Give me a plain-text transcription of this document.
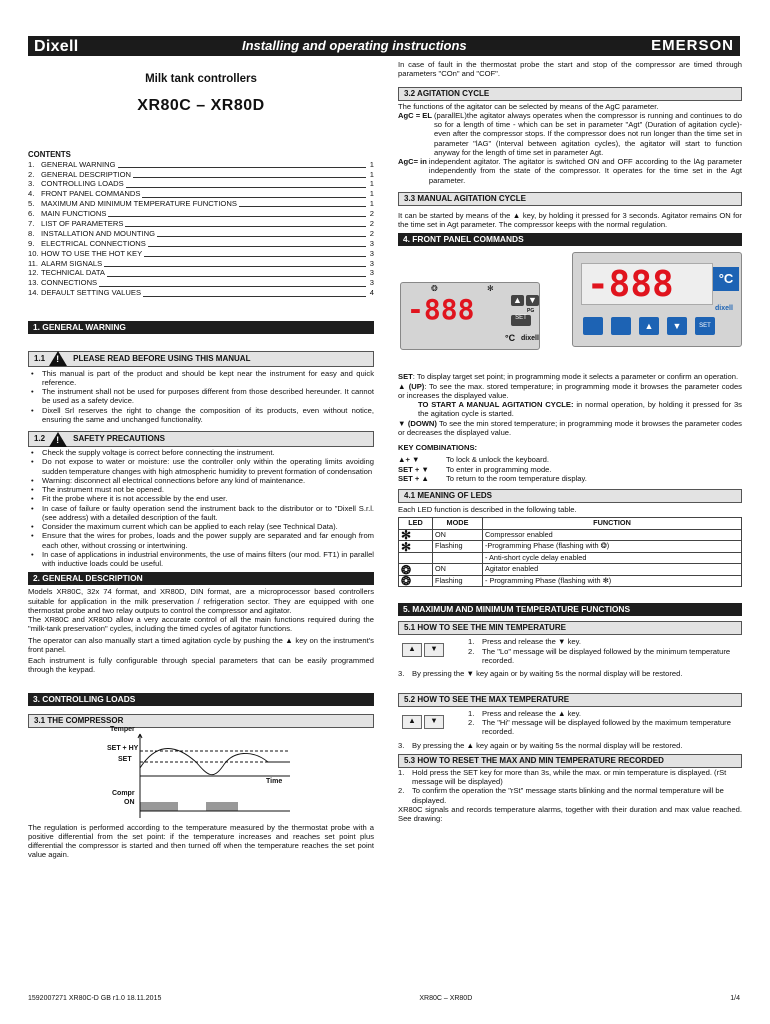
Dixell	Installing and operating instructions	EMERSON
Milk tank controllers
XR80C – XR80D
CONTENTS
1. GENERAL WARNING	1
2. GENERAL DESCRIPTION	1
3. CONTROLLING LOADS	1
4. FRONT PANEL COMMANDS	1
5. MAXIMUM AND MINIMUM TEMPERATURE FUNCTIONS	1
6. MAIN FUNCTIONS	2
7. LIST OF PARAMETERS	2
8. INSTALLATION AND MOUNTING	2
9. ELECTRICAL CONNECTIONS	3
10. HOW TO USE THE HOT KEY	3
11. ALARM SIGNALS	3
12. TECHNICAL DATA	3
13. CONNECTIONS	3
14. DEFAULT SETTING VALUES	4
1. GENERAL WARNING
1.1 !	PLEASE READ BEFORE USING THIS MANUAL
• This manual is part of the product and should be kept near the instrument for easy and quick reference.
• The instrument shall not be used for purposes different from those described hereunder. It cannot be used as a safety device.
• Dixell Srl reserves the right to change the composition of its products, even without notice, ensuring the same and unchanged functionality.
1.2 !	SAFETY PRECAUTIONS
• Check the supply voltage is correct before connecting the instrument.
• Do not expose to water or moisture: use the controller only within the operating limits avoiding sudden temperature changes with high atmospheric humidity to prevent formation of condensation
• Warning: disconnect all electrical connections before any kind of maintenance.
• The instrument must not be opened.
• Fit the probe where it is not accessible by the end user.
• In case of failure or faulty operation send the instrument back to the distributor or to "Dixell S.r.l. (see address) with a detailed description of the fault.
• Consider the maximum current which can be applied to each relay (see Technical Data).
• Ensure that the wires for probes, loads and the power supply are separated and far enough from each other, without crossing or intertwining.
• In case of applications in industrial environments, the use of mains filters (our mod. FT1) in parallel with inductive loads could be useful.
2. GENERAL DESCRIPTION

Models XR80C, 32x 74 format, and XR80D, DIN format, are a microprocessor based controllers suitable for application in the milk preservation / refrigeration sector. They are equipped with one thermostat probe and two relay outputs to control the compressor and agitator.

The XR80C and XR80D allow a very accurate control of all the main functions required during the "milk-tank preservation" cycles, including the timed cycles of agitator functions.

The operator can also manually start a timed agitation cycle by pushing the ▲ key on the instrument's front panel.

Each instrument is fully configurable through special parameters that can be easily programmed through the keypad.

3. CONTROLLING LOADS
3.1 THE COMPRESSOR
Temper
SET + HY
SET
Time
Compr
ON

The regulation is performed according to the temperature measured by the thermostat probe with a positive differential from the set point: if the temperature increases and reaches set point plus differential the compressor is started and then turned off when the temperature reaches the set point value again.

In case of fault in the thermostat probe the start and stop of the compressor are timed through parameters "COn" and "COF".

3.2 AGITATION CYCLE

The functions of the agitator can be selected by means of the AgC parameter.

AgC = EL (parallEL)the agitator always operates when the compressor is running and continues to do so for a length of time - which can be set in parameter "Agt" (Duration of agitation cycle)- even after the compressor stops. If the compressor does not run longer than the time set in parameter "lAG" (Interval between agitation cycles), the agitator will start to function anyway for the length of time set in parameter Agt.

AgC= in independent agitator. The agitator is switched ON and OFF according to the lAg parameter independently from the state of the compressor. It operates for the time set in the Agt parameter.

3.3 MANUAL AGITATION CYCLE

It can be started by means of the ▲ key, by holding it pressed for 3 seconds. Agitator remains ON for the time set in Agt parameter. The compressor keeps with the normal regulation.

4. FRONT PANEL COMMANDS
-888	▲ ▼
PG
SET
°C dixell
❂	✻	-888	°C
▲	▼	SET
dixell

SET: To display target set point; in programming mode it selects a parameter or confirm an operation.

▲ (UP): To see the max. stored temperature; in programming mode it browses the parameter codes or increases the displayed value.

TO START A MANUAL AGITATION CYCLE: in normal operation, by holding it pressed for 3s the agitation cycle is started.

▼ (DOWN) To see the min stored temperature; in programming mode it browses the parameter codes or decreases the displayed value.

KEY COMBINATIONS:
▲+ ▼	To lock & unlock the keyboard.
SET + ▼	To enter in programming mode.
SET + ▲	To return to the room temperature display.
4.1 MEANING OF LEDS

Each LED function is described in the following table.

LED	MODE	FUNCTION
✻	ON	Compressor enabled
✻	Flashing	-Programming Phase (flashing with ❂)
		- Anti-short cycle delay enabled
❂	ON	Agitator enabled
❂	Flashing	- Programming Phase (flashing with ✻)
5. MAXIMUM AND MINIMUM TEMPERATURE FUNCTIONS
5.1 HOW TO SEE THE MIN TEMPERATURE
▲	▼
1.	Press and release the ▼ key.
2.	The "Lo" message will be displayed followed by the minimum temperature recorded.
3.	By pressing the ▼ key again or by waiting 5s the normal display will be restored.
5.2 HOW TO SEE THE MAX TEMPERATURE
▲	▼
1.	Press and release the ▲ key.
2.	The "Hi" message will be displayed followed by the maximum temperature recorded.
3.	By pressing the ▲ key again or by waiting 5s the normal display will be restored.
5.3 HOW TO RESET THE MAX AND MIN TEMPERATURE RECORDED
1.	Hold press the SET key for more than 3s, while the max. or min temperature is displayed. (rSt message will be displayed)
2.	To confirm the operation the "rSt" message starts blinking and the normal temperature will be displayed.

XR80C signals and records temperature alarms, together with their duration and max value reached. See drawing:

1592007271 XR80C-D GB r1.0 18.11.2015	XR80C – XR80D	1/4
